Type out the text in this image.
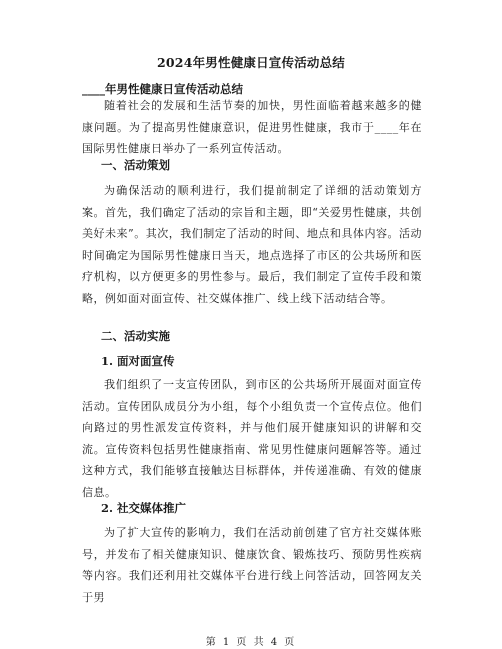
2024年男性健康日宣传活动总结
____年男性健康日宣传活动总结

随着社会的发展和生活节奏的加快，男性面临着越来越多的健康问题。为了提高男性健康意识，促进男性健康，我市于____年在国际男性健康日举办了一系列宣传活动。

一、活动策划

为确保活动的顺利进行，我们提前制定了详细的活动策划方案。首先，我们确定了活动的宗旨和主题，即“关爱男性健康，共创美好未来”。其次，我们制定了活动的时间、地点和具体内容。活动时间确定为国际男性健康日当天，地点选择了市区的公共场所和医疗机构，以方便更多的男性参与。最后，我们制定了宣传手段和策略，例如面对面宣传、社交媒体推广、线上线下活动结合等。

二、活动实施

1. 面对面宣传

我们组织了一支宣传团队，到市区的公共场所开展面对面宣传活动。宣传团队成员分为小组，每个小组负责一个宣传点位。他们向路过的男性派发宣传资料，并与他们展开健康知识的讲解和交流。宣传资料包括男性健康指南、常见男性健康问题解答等。通过这种方式，我们能够直接触达目标群体，并传递准确、有效的健康信息。

2. 社交媒体推广

为了扩大宣传的影响力，我们在活动前创建了官方社交媒体账号，并发布了相关健康知识、健康饮食、锻炼技巧、预防男性疾病等内容。我们还利用社交媒体平台进行线上问答活动，回答网友关于男

第 1 页 共 4 页
